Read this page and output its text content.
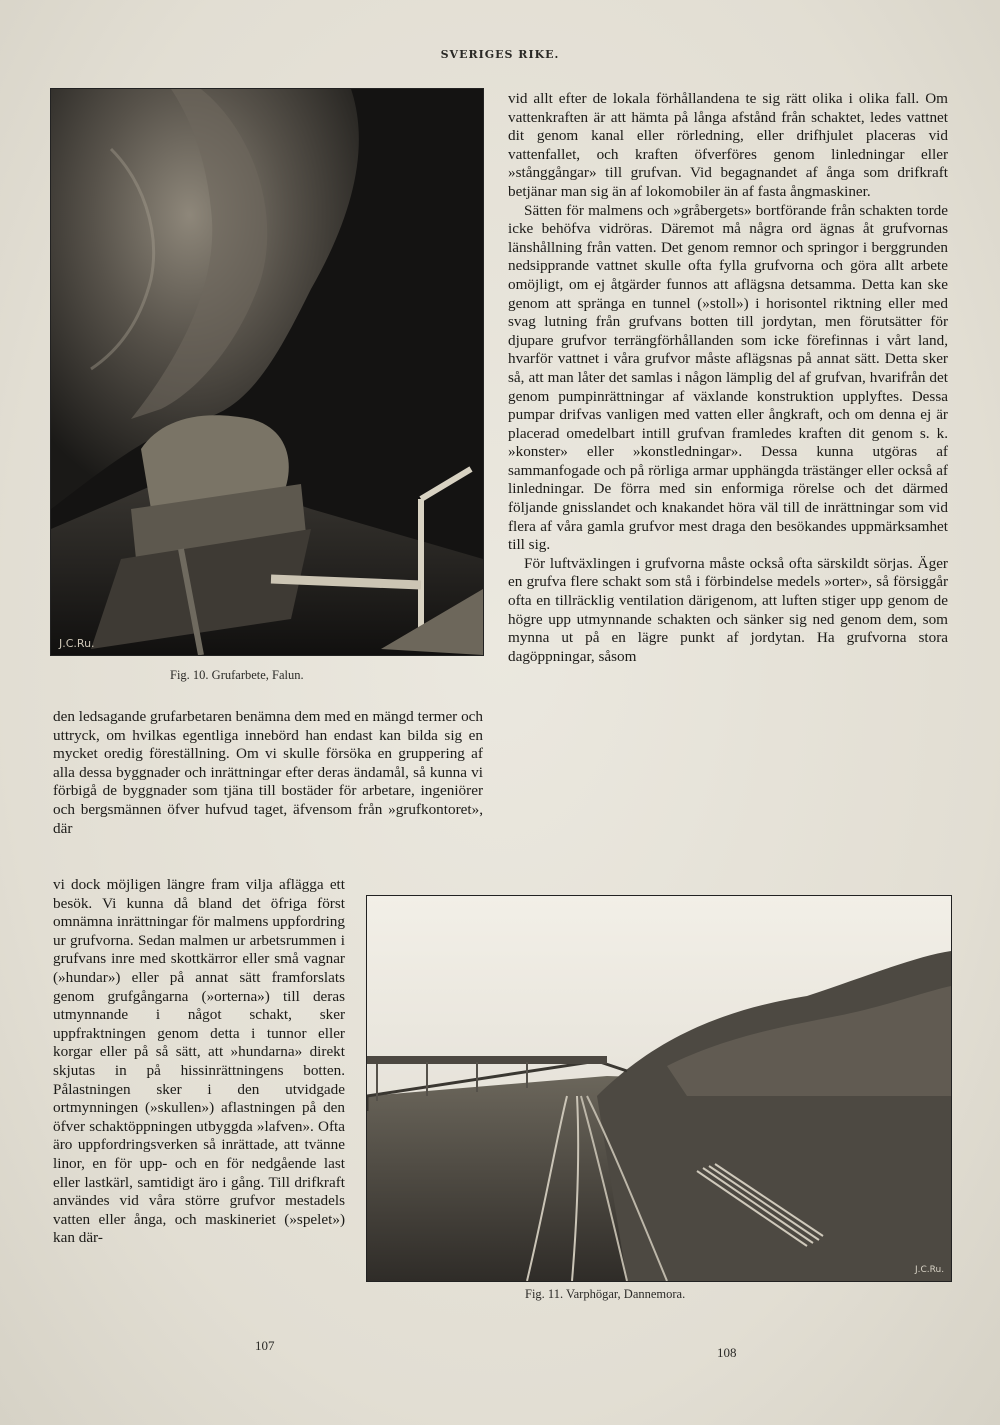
SVERIGES RIKE.
J.C.Ru.
Fig. 10. Grufarbete, Falun.

vid allt efter de lokala förhållandena te sig rätt olika i olika fall. Om vattenkraften är att hämta på långa afstånd från schaktet, ledes vattnet dit genom kanal eller rörledning, eller drifhjulet placeras vid vattenfallet, och kraften öfverföres genom linledningar eller »stånggångar» till grufvan. Vid begagnandet af ånga som drifkraft betjänar man sig än af lokomobiler än af fasta ångmaskiner.

Sätten för malmens och »gråbergets» bortförande från schakten torde icke behöfva vidröras. Däremot må några ord ägnas åt grufvornas länshållning från vatten. Det genom remnor och springor i berggrunden nedsipprande vattnet skulle ofta fylla grufvorna och göra allt arbete omöjligt, om ej åtgärder funnos att aflägsna detsamma. Detta kan ske genom att spränga en tunnel (»stoll») i horisontel riktning eller med svag lutning från grufvans botten till jordytan, men förutsätter för djupare grufvor terrängförhållanden som icke förefinnas i vårt land, hvarför vattnet i våra grufvor måste aflägsnas på annat sätt. Detta sker så, att man låter det samlas i någon lämplig del af grufvan, hvarifrån det genom pumpinrättningar af växlande konstruktion upplyftes. Dessa pumpar drifvas vanligen med vatten eller ångkraft, och om denna ej är placerad omedelbart intill grufvan framledes kraften dit genom s. k. »konster» eller »konstledningar». Dessa kunna utgöras af sammanfogade och på rörliga armar upphängda trästänger eller också af linledningar. De förra med sin enformiga rörelse och det därmed följande gnisslandet och knakandet höra väl till de inrättningar som vid flera af våra gamla grufvor mest draga den besökandes uppmärksamhet till sig.

För luftväxlingen i grufvorna måste också ofta särskildt sörjas. Äger en grufva flere schakt som stå i förbindelse medels »orter», så försiggår ofta en tillräcklig ventilation därigenom, att luften stiger upp genom de högre upp utmynnande schakten och sänker sig ned genom dem, som mynna ut på en lägre punkt af jordytan. Ha grufvorna stora dagöppningar, såsom

den ledsagande grufarbetaren benämna dem med en mängd termer och uttryck, om hvilkas egentliga innebörd han endast kan bilda sig en mycket oredig föreställning. Om vi skulle försöka en gruppering af alla dessa byggnader och inrättningar efter deras ändamål, så kunna vi förbigå de byggnader som tjäna till bostäder för arbetare, ingeniörer och bergsmännen öfver hufvud taget, äfvensom från »grufkontoret», där

vi dock möjligen längre fram vilja aflägga ett besök. Vi kunna då bland det öfriga först omnämna inrättningar för malmens uppfordring ur grufvorna. Sedan malmen ur arbetsrummen i grufvans inre med skottkärror eller små vagnar (»hundar») eller på annat sätt framforslats genom grufgångarna (»orterna») till deras utmynnande i något schakt, sker uppfraktningen genom detta i tunnor eller korgar eller på så sätt, att »hundarna» direkt skjutas in på hissinrättningens botten. Pålastningen sker i den utvidgade ortmynningen (»skullen») aflastningen på den öfver schaktöppningen utbyggda »lafven». Ofta äro uppfordringsverken så inrättade, att tvänne linor, en för upp- och en för nedgående last eller lastkärl, samtidigt äro i gång. Till drifkraft användes vid våra större grufvor mestadels vatten eller ånga, och maskineriet (»spelet») kan där-

J.C.Ru.
Fig. 11. Varphögar, Dannemora.
107	108
